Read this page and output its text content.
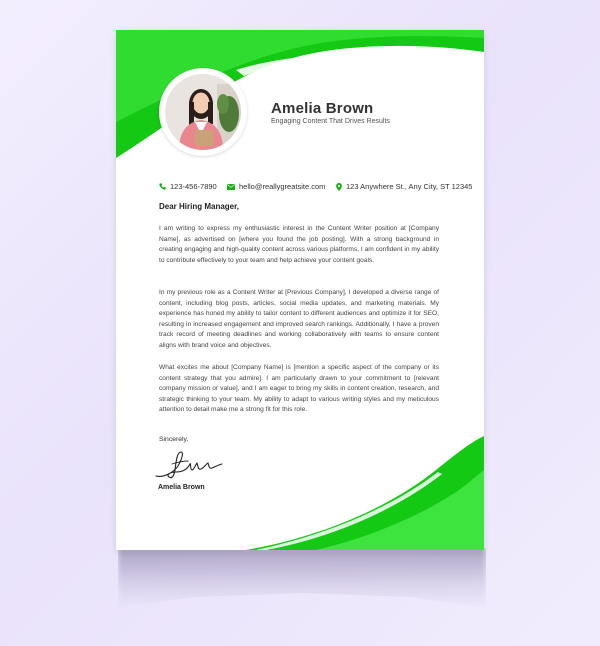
Amelia Brown
Engaging Content That Drives Results
123-456-7890	hello@reallygreatsite.com	123 Anywhere St., Any City, ST 12345
Dear Hiring Manager,
I am writing to express my enthusiastic interest in the Content Writer position at [Company Name], as advertised on [where you found the job posting]. With a strong background in creating engaging and high-quality content across various platforms, I am confident in my ability to contribute effectively to your team and help achieve your content goals.
In my previous role as a Content Writer at [Previous Company], I developed a diverse range of content, including blog posts, articles, social media updates, and marketing materials. My experience has honed my ability to tailor content to different audiences and optimize it for SEO, resulting in increased engagement and improved search rankings. Additionally, I have a proven track record of meeting deadlines and working collaboratively with teams to ensure content aligns with brand voice and objectives.
What excites me about [Company Name] is [mention a specific aspect of the company or its content strategy that you admire]. I am particularly drawn to your commitment to [relevant company mission or value], and I am eager to bring my skills in content creation, research, and strategic thinking to your team. My ability to adapt to various writing styles and my meticulous attention to detail make me a strong fit for this role.
Sincerely,
Amelia Brown
